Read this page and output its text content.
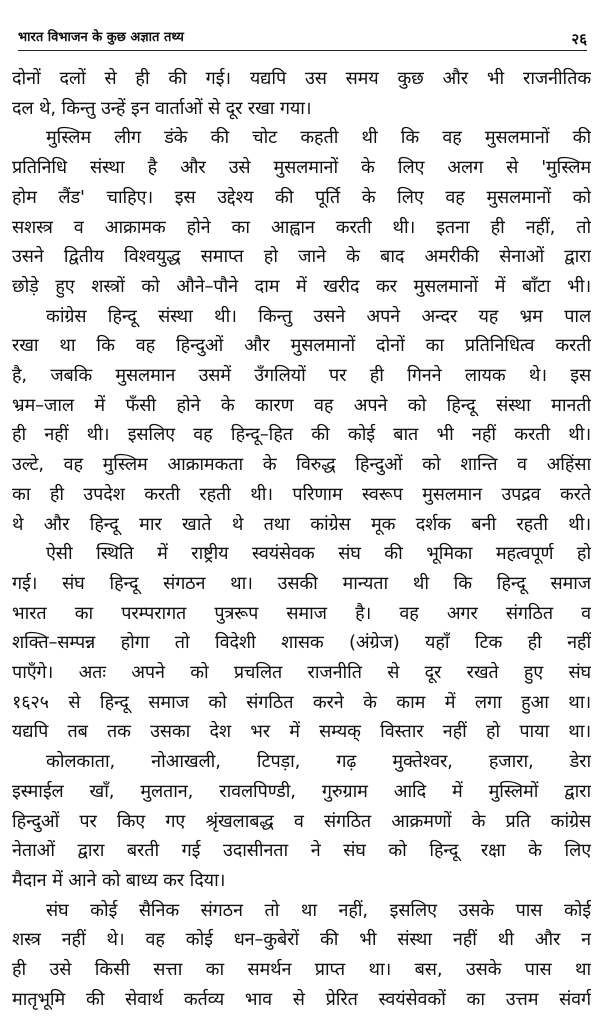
भारत विभाजन के कुछ अज्ञात तथ्य	२६

दोनों दलों से ही की गई। यद्यपि उस समय कुछ और भी राजनीतिक
दल थे, किन्तु उन्हें इन वार्ताओं से दूर रखा गया।

मुस्लिम लीग डंके की चोट कहती थी कि वह मुसलमानों की
प्रतिनिधि संस्था है और उसे मुसलमानों के लिए अलग से 'मुस्लिम
होम लैंड' चाहिए। इस उद्देश्य की पूर्ति के लिए वह मुसलमानों को
सशस्त्र व आक्रामक होने का आह्वान करती थी। इतना ही नहीं, तो
उसने द्वितीय विश्वयुद्ध समाप्त हो जाने के बाद अमरीकी सेनाओं द्वारा
छोड़े हुए शस्त्रों को औने–पौने दाम में खरीद कर मुसलमानों में बाँटा भी।

कांग्रेस हिन्दू संस्था थी। किन्तु उसने अपने अन्दर यह भ्रम पाल
रखा था कि वह हिन्दुओं और मुसलमानों दोनों का प्रतिनिधित्व करती
है, जबकि मुसलमान उसमें उँगलियों पर ही गिनने लायक थे। इस
भ्रम–जाल में फँसी होने के कारण वह अपने को हिन्दू संस्था मानती
ही नहीं थी। इसलिए वह हिन्दू–हित की कोई बात भी नहीं करती थी।
उल्टे, वह मुस्लिम आक्रामकता के विरुद्ध हिन्दुओं को शान्ति व अहिंसा
का ही उपदेश करती रहती थी। परिणाम स्वरूप मुसलमान उपद्रव करते
थे और हिन्दू मार खाते थे तथा कांग्रेस मूक दर्शक बनी रहती थी।

ऐसी स्थिति में राष्ट्रीय स्वयंसेवक संघ की भूमिका महत्वपूर्ण हो
गई। संघ हिन्दू संगठन था। उसकी मान्यता थी कि हिन्दू समाज
भारत का परम्परागत पुत्ररूप समाज है। वह अगर संगठित व
शक्ति–सम्पन्न होगा तो विदेशी शासक (अंग्रेज) यहाँ टिक ही नहीं
पाएँगे। अतः अपने को प्रचलित राजनीति से दूर रखते हुए संघ
१६२५ से हिन्दू समाज को संगठित करने के काम में लगा हुआ था।
यद्यपि तब तक उसका देश भर में सम्यक् विस्तार नहीं हो पाया था।

कोलकाता, नोआखली, टिपड़ा, गढ़ मुक्तेश्वर, हजारा, डेरा
इस्माईल खाँ, मुलतान, रावलपिण्डी, गुरुग्राम आदि में मुस्लिमों द्वारा
हिन्दुओं पर किए गए श्रृंखलाबद्ध व संगठित आक्रमणों के प्रति कांग्रेस
नेताओं द्वारा बरती गई उदासीनता ने संघ को हिन्दू रक्षा के लिए
मैदान में आने को बाध्य कर दिया।

संघ कोई सैनिक संगठन तो था नहीं, इसलिए उसके पास कोई
शस्त्र नहीं थे। वह कोई धन–कुबेरों की भी संस्था नहीं थी और न
ही उसे किसी सत्ता का समर्थन प्राप्त था। बस, उसके पास था
मातृभूमि की सेवार्थ कर्तव्य भाव से प्रेरित स्वयंसेवकों का उत्तम संवर्ग
